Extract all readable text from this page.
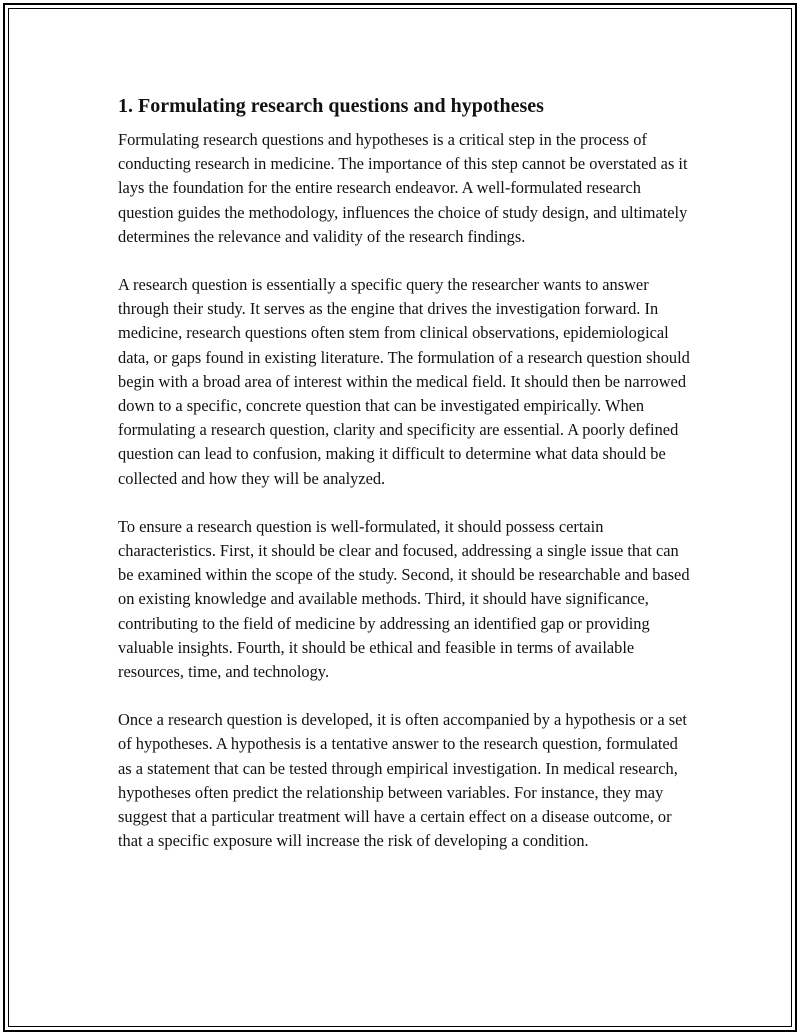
1. Formulating research questions and hypotheses

Formulating research questions and hypotheses is a critical step in the process of conducting research in medicine. The importance of this step cannot be overstated as it lays the foundation for the entire research endeavor. A well-formulated research question guides the methodology, influences the choice of study design, and ultimately determines the relevance and validity of the research findings.

A research question is essentially a specific query the researcher wants to answer through their study. It serves as the engine that drives the investigation forward. In medicine, research questions often stem from clinical observations, epidemiological data, or gaps found in existing literature. The formulation of a research question should begin with a broad area of interest within the medical field. It should then be narrowed down to a specific, concrete question that can be investigated empirically. When formulating a research question, clarity and specificity are essential. A poorly defined question can lead to confusion, making it difficult to determine what data should be collected and how they will be analyzed.

To ensure a research question is well-formulated, it should possess certain characteristics. First, it should be clear and focused, addressing a single issue that can be examined within the scope of the study. Second, it should be researchable and based on existing knowledge and available methods. Third, it should have significance, contributing to the field of medicine by addressing an identified gap or providing valuable insights. Fourth, it should be ethical and feasible in terms of available resources, time, and technology.

Once a research question is developed, it is often accompanied by a hypothesis or a set of hypotheses. A hypothesis is a tentative answer to the research question, formulated as a statement that can be tested through empirical investigation. In medical research, hypotheses often predict the relationship between variables. For instance, they may suggest that a particular treatment will have a certain effect on a disease outcome, or that a specific exposure will increase the risk of developing a condition.
